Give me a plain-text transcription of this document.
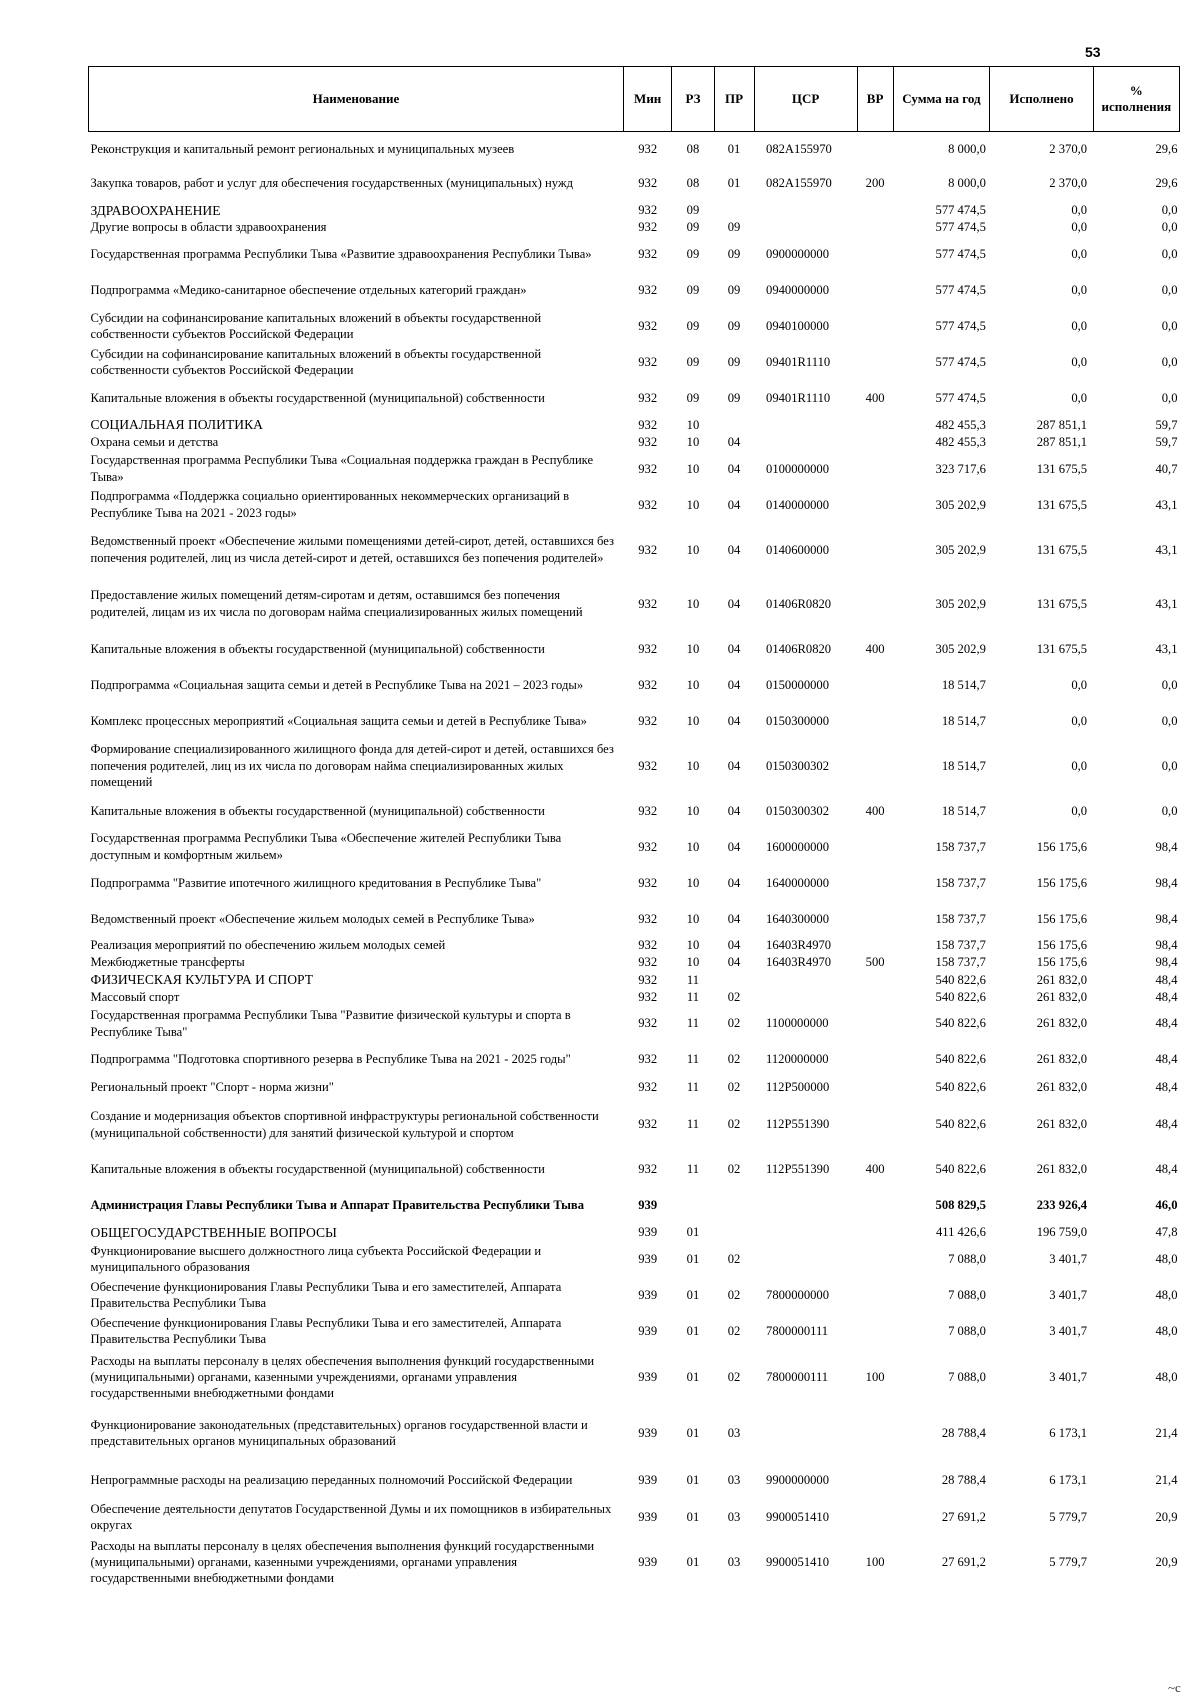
53
Наименование	Мин	РЗ	ПР	ЦСР	ВР	Сумма на год	Исполнено	% исполнения
Реконструкция и капитальный ремонт региональных и муниципальных музеев	932	08	01	082A155970		8 000,0	2 370,0	29,6
Закупка товаров, работ и услуг для обеспечения государственных (муниципальных) нужд	932	08	01	082A155970	200	8 000,0	2 370,0	29,6
ЗДРАВООХРАНЕНИЕ	932	09				577 474,5	0,0	0,0
Другие вопросы в области здравоохранения	932	09	09			577 474,5	0,0	0,0
Государственная программа Республики Тыва «Развитие здравоохранения Республики Тыва»	932	09	09	0900000000		577 474,5	0,0	0,0
Подпрограмма «Медико-санитарное обеспечение отдельных категорий граждан»	932	09	09	0940000000		577 474,5	0,0	0,0
Субсидии на софинансирование капитальных вложений в объекты государственной собственности субъектов Российской Федерации	932	09	09	0940100000		577 474,5	0,0	0,0
Субсидии на софинансирование капитальных вложений в объекты государственной собственности субъектов Российской Федерации	932	09	09	09401R1110		577 474,5	0,0	0,0
Капитальные вложения в объекты государственной (муниципальной) собственности	932	09	09	09401R1110	400	577 474,5	0,0	0,0
СОЦИАЛЬНАЯ ПОЛИТИКА	932	10				482 455,3	287 851,1	59,7
Охрана семьи и детства	932	10	04			482 455,3	287 851,1	59,7
Государственная программа Республики Тыва «Социальная поддержка граждан в Республике Тыва»	932	10	04	0100000000		323 717,6	131 675,5	40,7
Подпрограмма «Поддержка социально ориентированных некоммерческих организаций в Республике Тыва на 2021 - 2023 годы»	932	10	04	0140000000		305 202,9	131 675,5	43,1
Ведомственный проект «Обеспечение жилыми помещениями детей-сирот, детей, оставшихся без попечения родителей, лиц из числа детей-сирот и детей, оставшихся без попечения родителей»	932	10	04	0140600000		305 202,9	131 675,5	43,1
Предоставление жилых помещений детям-сиротам и детям, оставшимся без попечения родителей, лицам из их числа по договорам найма специализированных жилых помещений	932	10	04	01406R0820		305 202,9	131 675,5	43,1
Капитальные вложения в объекты государственной (муниципальной) собственности	932	10	04	01406R0820	400	305 202,9	131 675,5	43,1
Подпрограмма «Социальная защита семьи и детей в Республике Тыва на 2021 – 2023 годы»	932	10	04	0150000000		18 514,7	0,0	0,0
Комплекс процессных мероприятий «Социальная защита семьи и детей в Республике Тыва»	932	10	04	0150300000		18 514,7	0,0	0,0
Формирование специализированного жилищного фонда для детей-сирот и детей, оставшихся без попечения родителей, лиц из их числа по договорам найма специализированных жилых помещений	932	10	04	0150300302		18 514,7	0,0	0,0
Капитальные вложения в объекты государственной (муниципальной) собственности	932	10	04	0150300302	400	18 514,7	0,0	0,0
Государственная программа Республики Тыва «Обеспечение жителей Республики Тыва доступным и комфортным жильем»	932	10	04	1600000000		158 737,7	156 175,6	98,4
Подпрограмма "Развитие ипотечного жилищного кредитования в Республике Тыва"	932	10	04	1640000000		158 737,7	156 175,6	98,4
Ведомственный проект «Обеспечение жильем молодых семей в Республике Тыва»	932	10	04	1640300000		158 737,7	156 175,6	98,4
Реализация мероприятий по обеспечению жильем молодых семей	932	10	04	16403R4970		158 737,7	156 175,6	98,4
Межбюджетные трансферты	932	10	04	16403R4970	500	158 737,7	156 175,6	98,4
ФИЗИЧЕСКАЯ КУЛЬТУРА И СПОРТ	932	11				540 822,6	261 832,0	48,4
Массовый спорт	932	11	02			540 822,6	261 832,0	48,4
Государственная программа Республики Тыва "Развитие физической культуры и спорта в Республике Тыва"	932	11	02	1100000000		540 822,6	261 832,0	48,4
Подпрограмма "Подготовка спортивного резерва в Республике Тыва на 2021 - 2025 годы"	932	11	02	1120000000		540 822,6	261 832,0	48,4
Региональный проект "Спорт - норма жизни"	932	11	02	112P500000		540 822,6	261 832,0	48,4
Создание и модернизация объектов спортивной инфраструктуры региональной собственности (муниципальной собственности) для занятий физической культурой и спортом	932	11	02	112P551390		540 822,6	261 832,0	48,4
Капитальные вложения в объекты государственной (муниципальной) собственности	932	11	02	112P551390	400	540 822,6	261 832,0	48,4
Администрация Главы Республики Тыва и Аппарат Правительства Республики Тыва	939					508 829,5	233 926,4	46,0
ОБЩЕГОСУДАРСТВЕННЫЕ ВОПРОСЫ	939	01				411 426,6	196 759,0	47,8
Функционирование высшего должностного лица субъекта Российской Федерации и муниципального образования	939	01	02			7 088,0	3 401,7	48,0
Обеспечение функционирования Главы Республики Тыва и его заместителей, Аппарата Правительства Республики Тыва	939	01	02	7800000000		7 088,0	3 401,7	48,0
Обеспечение функционирования Главы Республики Тыва и его заместителей, Аппарата Правительства Республики Тыва	939	01	02	7800000111		7 088,0	3 401,7	48,0
Расходы на выплаты персоналу в целях обеспечения выполнения функций государственными (муниципальными) органами, казенными учреждениями, органами управления государственными внебюджетными фондами	939	01	02	7800000111	100	7 088,0	3 401,7	48,0
Функционирование законодательных (представительных) органов государственной власти и представительных органов муниципальных образований	939	01	03			28 788,4	6 173,1	21,4
Непрограммные расходы на реализацию переданных полномочий Российской Федерации	939	01	03	9900000000		28 788,4	6 173,1	21,4
Обеспечение деятельности депутатов Государственной Думы и их помощников в избирательных округах	939	01	03	9900051410		27 691,2	5 779,7	20,9
Расходы на выплаты персоналу в целях обеспечения выполнения функций государственными (муниципальными) органами, казенными учреждениями, органами управления государственными внебюджетными фондами	939	01	03	9900051410	100	27 691,2	5 779,7	20,9
~с
